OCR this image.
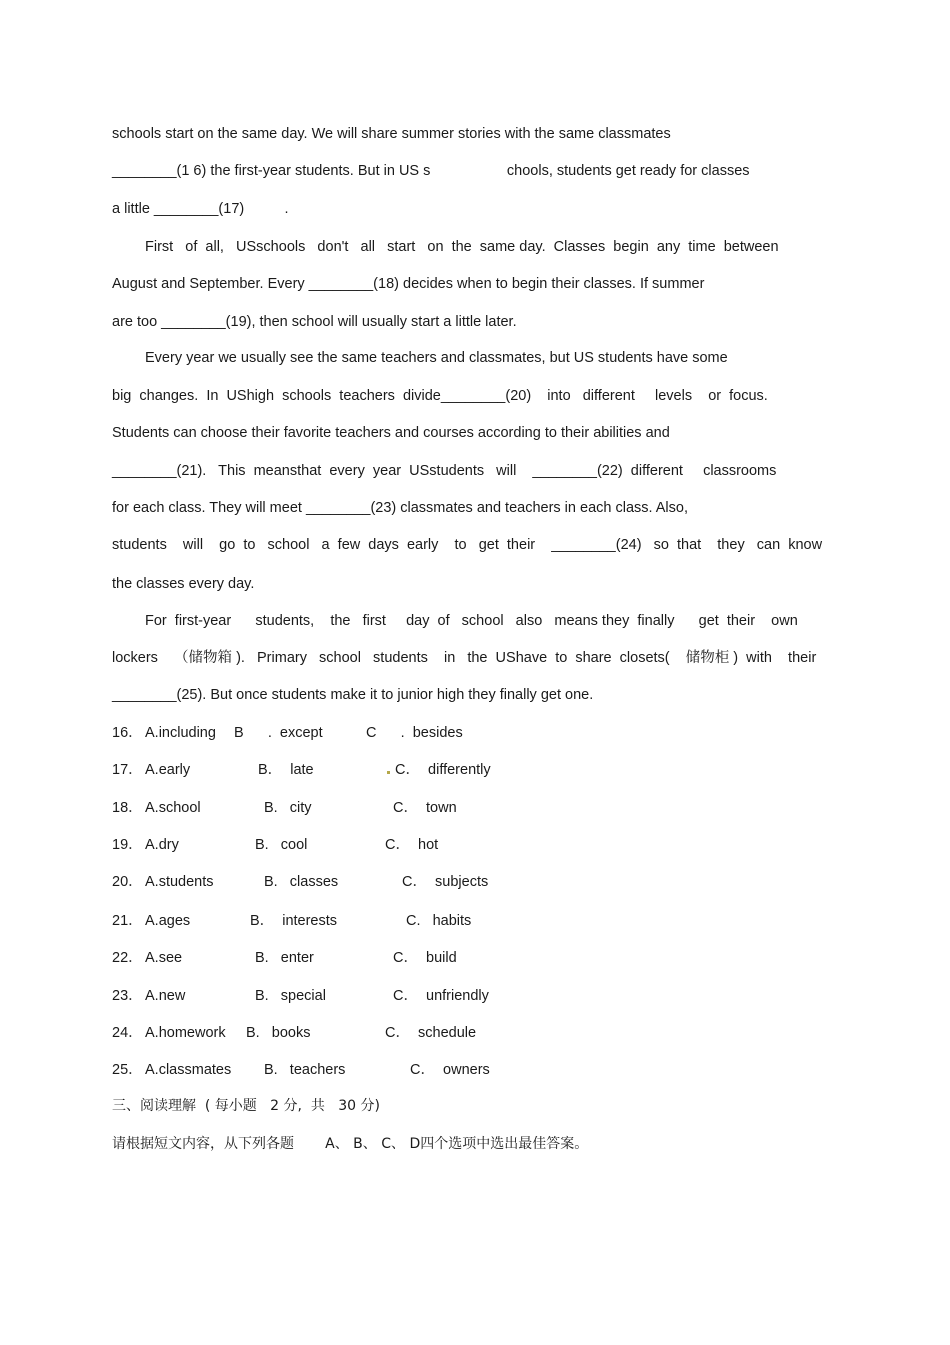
schools start on the same day. We will share summer stories with the same classmates
________(1 6) the first-year students. But in US s                   chools, students get ready for classes
a little ________(17)          .
First   of  all,   USschools   don't   all   start   on  the  same day.  Classes  begin  any  time  between
August and September. Every ________(18) decides when to begin their classes. If summer
are too ________(19), then school will usually start a little later.
Every year we usually see the same teachers and classmates, but US students have some
big  changes.  In  UShigh  schools  teachers  divide________(20)    into   different     levels    or  focus.
Students can choose their favorite teachers and courses according to their abilities and
________(21).   This  meansthat  every  year  USstudents   will    ________(22)  different     classrooms
for each class. They will meet ________(23) classmates and teachers in each class. Also,
students    will    go  to   school   a  few  days  early    to   get  their    ________(24)   so  that    they   can  know
the classes every day.
For  first-year      students,    the   first     day  of   school   also   means they  finally      get  their    own
lockers    （储物箱 ).   Primary   school   students    in   the  UShave  to  share  closets(    储物柜 )  with    their
________(25). But once students make it to junior high they finally get one.
16． A.including B      .  except	C      .  besides
17． A.early	B．  late	C．  differently
18． A.school	B.   city	C．  town
19． A.dry	B.   cool	C．  hot
20． A.students	B.   classes	C．  subjects
21． A.ages	B．  interests	C.   habits
22． A.see	B.   enter	C．  build
23． A.new	B.   special	C．  unfriendly
24． A.homework B.   books	C．  schedule
25． A.classmates B.   teachers	C．  owners
三、阅读理解  ( 每小题   2 分,  共   30 分)
请根据短文内容，从下列各题       A、 B、 C、 D四个选项中选出最佳答案。
